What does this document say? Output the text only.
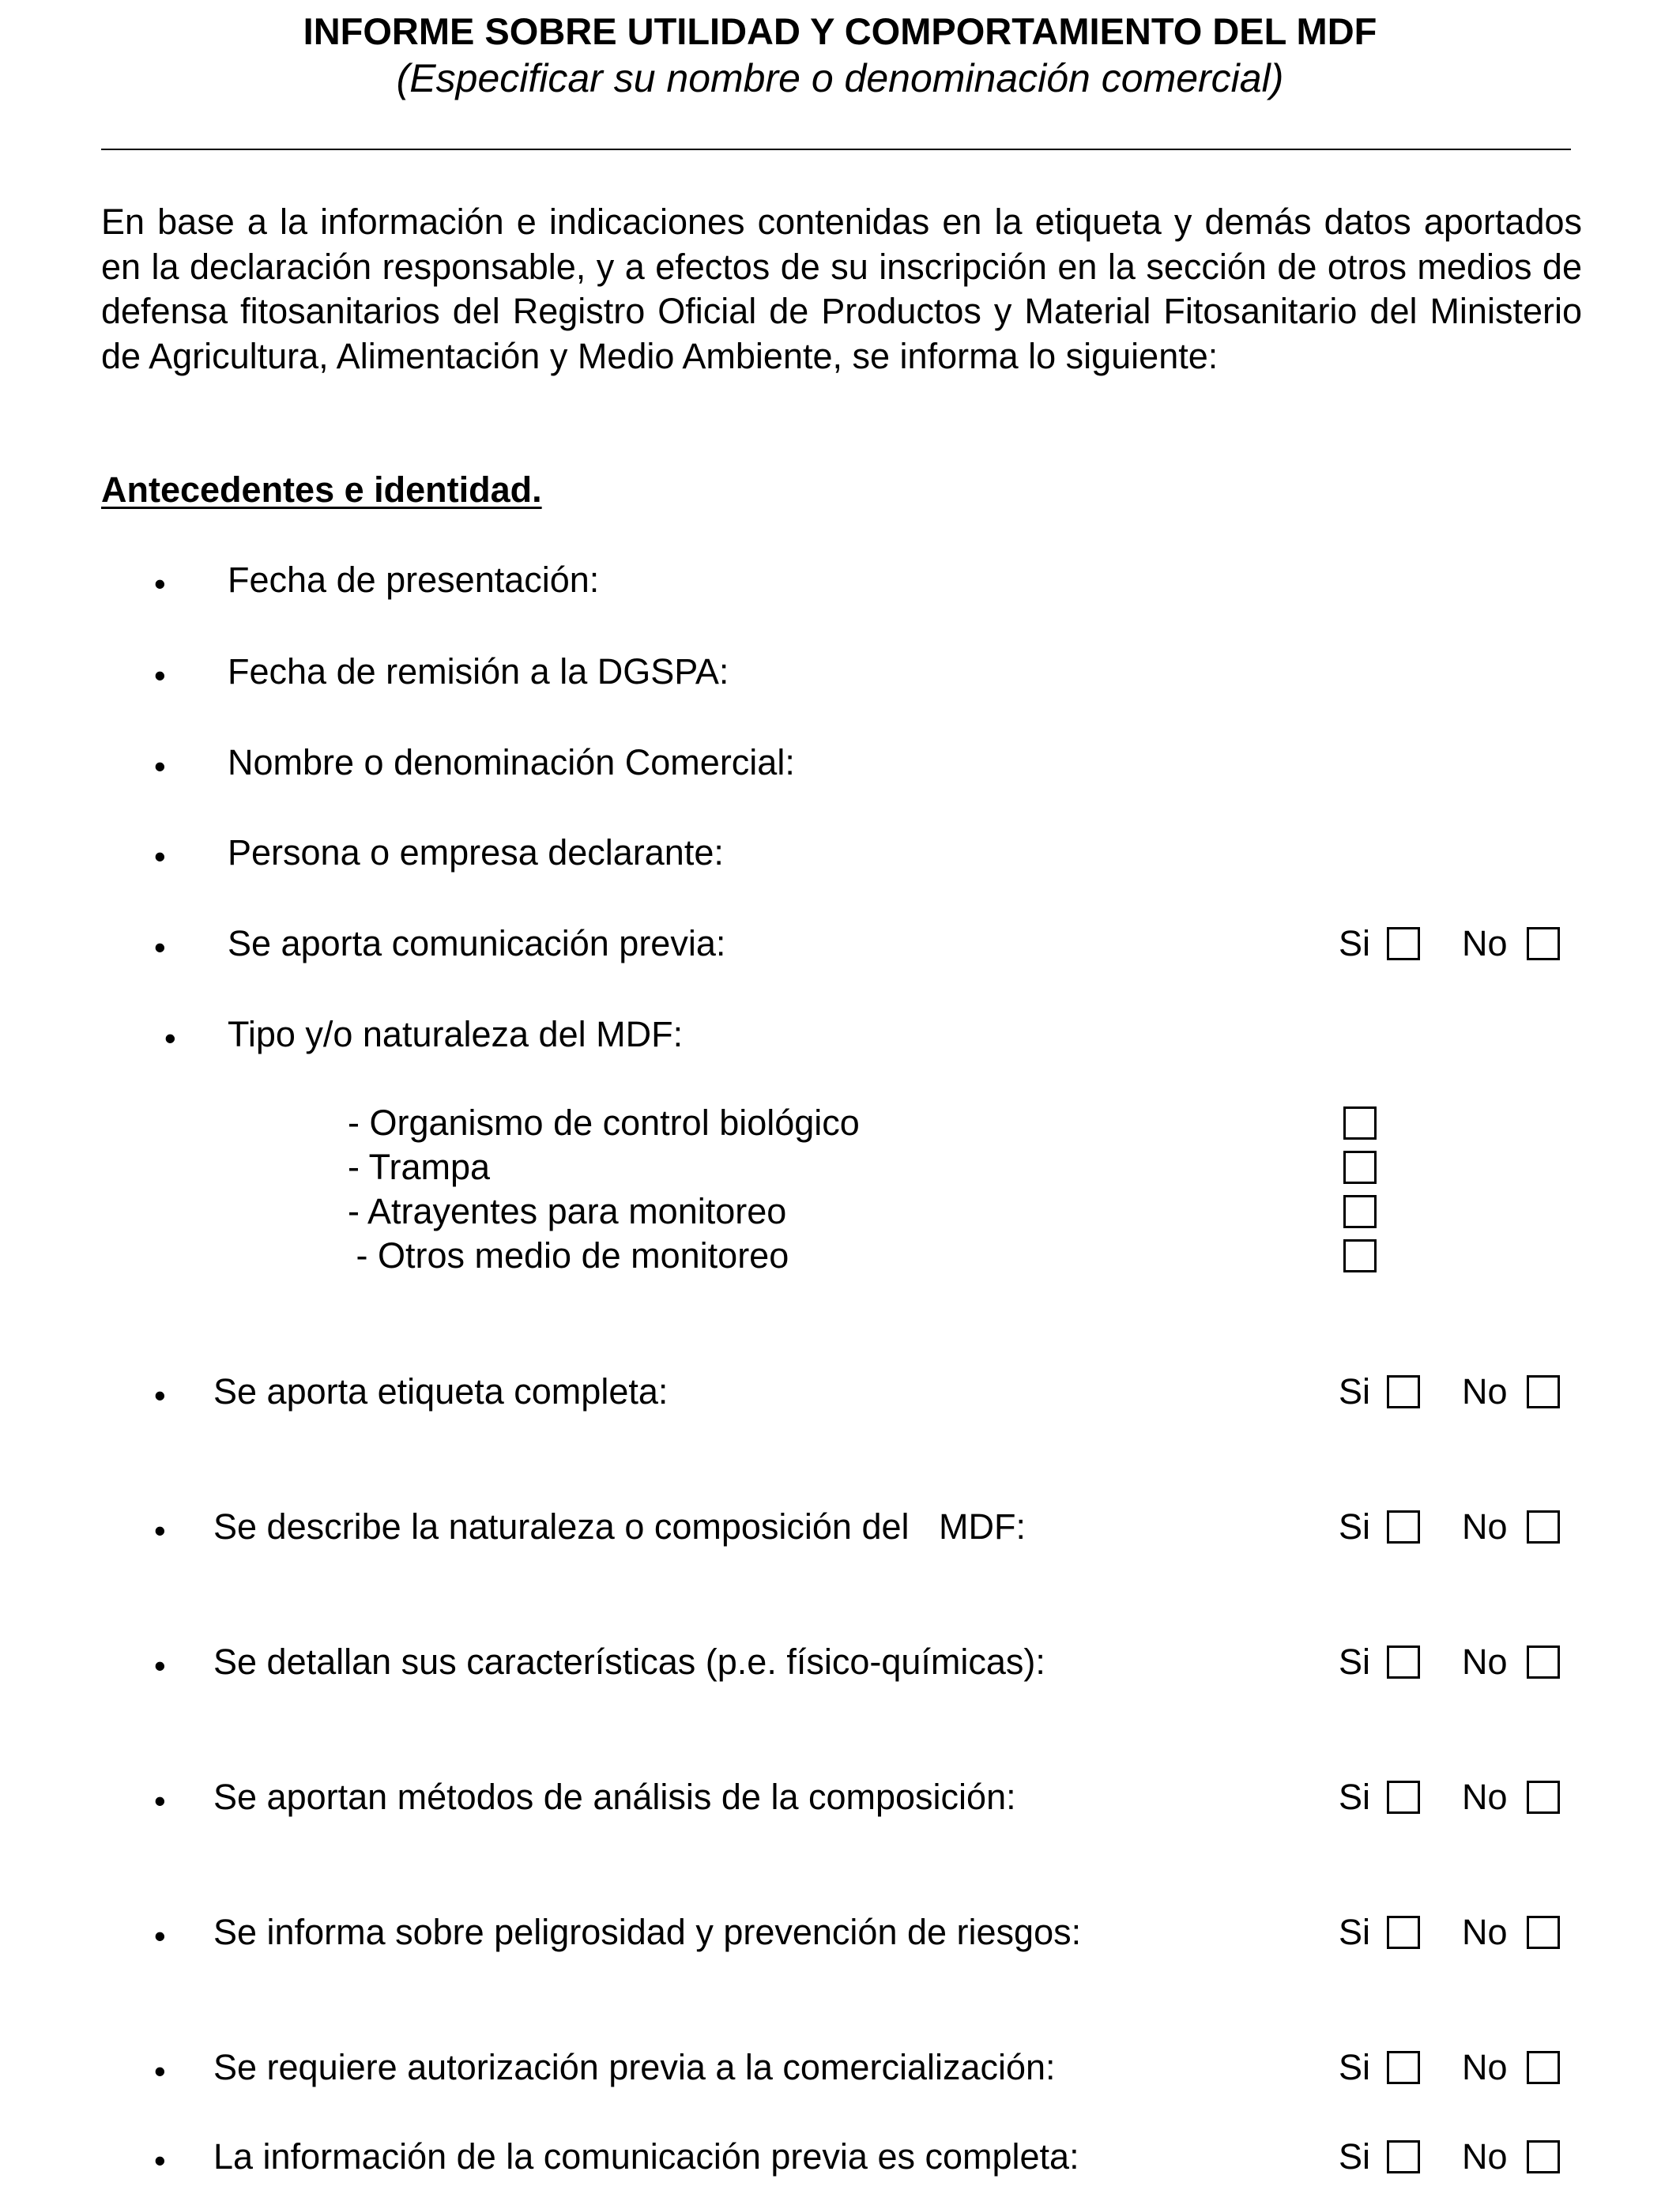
INFORME SOBRE UTILIDAD Y COMPORTAMIENTO DEL MDF
(Especificar su nombre o denominación comercial)
En base a la información e indicaciones contenidas en la etiqueta y demás datos aportados en la declaración responsable, y a efectos de su inscripción en la sección de otros medios de defensa fitosanitarios del Registro Oficial de Productos y Material Fitosanitario del Ministerio de Agricultura, Alimentación y Medio Ambiente, se informa lo siguiente:
Antecedentes e identidad.
• Fecha de presentación:
• Fecha de remisión a la DGSPA:
• Nombre o denominación Comercial:
• Persona o empresa declarante:
• Se aporta comunicación previa:	Si	No
• Tipo y/o naturaleza del MDF:
- Organismo de control biológico
- Trampa
- Atrayentes para monitoreo
- Otros medio de monitoreo
• Se aporta etiqueta completa:	Si	No
• Se describe la naturaleza o composición del   MDF:	Si	No
• Se detallan sus características (p.e. físico-químicas):	Si	No
• Se aportan métodos de análisis de la composición:	Si	No
• Se informa sobre peligrosidad y prevención de riesgos:	Si	No
• Se requiere autorización previa a la comercialización:	Si	No
• La información de la comunicación previa es completa:	Si	No
